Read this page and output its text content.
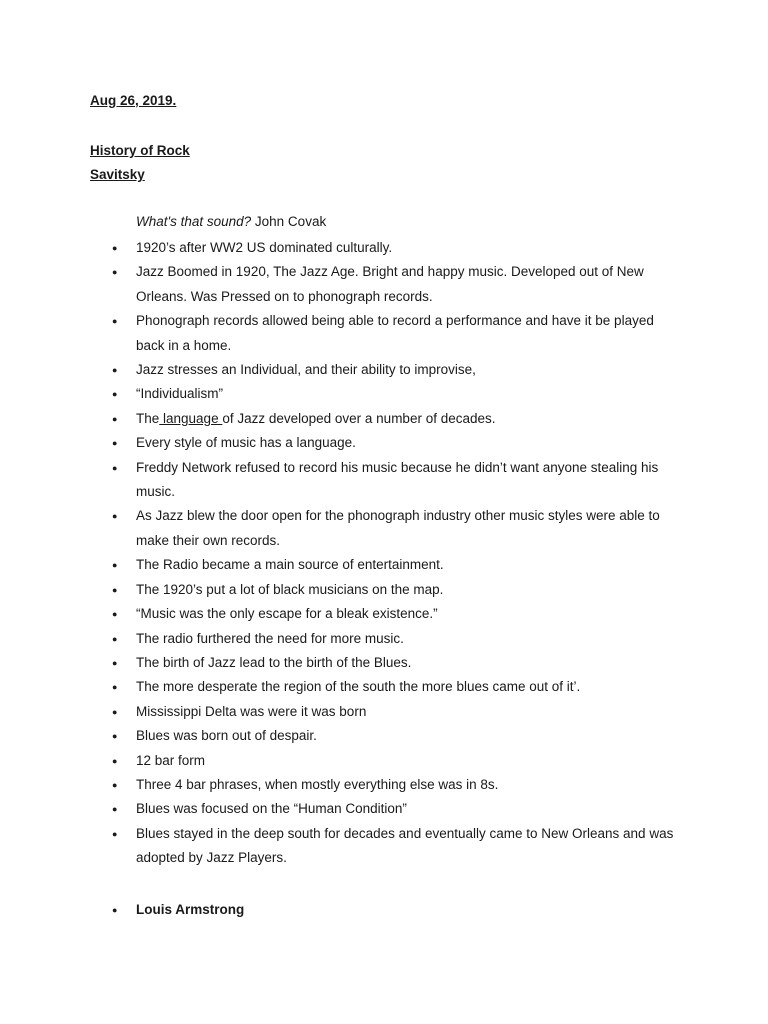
Aug 26, 2019.
History of Rock
Savitsky
What's that sound? John Covak
● 1920’s after WW2 US dominated culturally.
● Jazz Boomed in 1920, The Jazz Age. Bright and happy music. Developed out of New Orleans. Was Pressed on to phonograph records.
● Phonograph records allowed being able to record a performance and have it be played back in a home.
● Jazz stresses an Individual, and their ability to improvise,
● “Individualism”
● The language of Jazz developed over a number of decades.
● Every style of music has a language.
● Freddy Network refused to record his music because he didn’t want anyone stealing his music.
● As Jazz blew the door open for the phonograph industry other music styles were able to make their own records.
● The Radio became a main source of entertainment.
● The 1920’s put a lot of black musicians on the map.
● “Music was the only escape for a bleak existence.”
● The radio furthered the need for more music.
● The birth of Jazz lead to the birth of the Blues.
● The more desperate the region of the south the more blues came out of it’.
● Mississippi Delta was were it was born
● Blues was born out of despair.
● 12 bar form
● Three 4 bar phrases, when mostly everything else was in 8s.
● Blues was focused on the “Human Condition”
● Blues stayed in the deep south for decades and eventually came to New Orleans and was adopted by Jazz Players.
● Louis Armstrong
